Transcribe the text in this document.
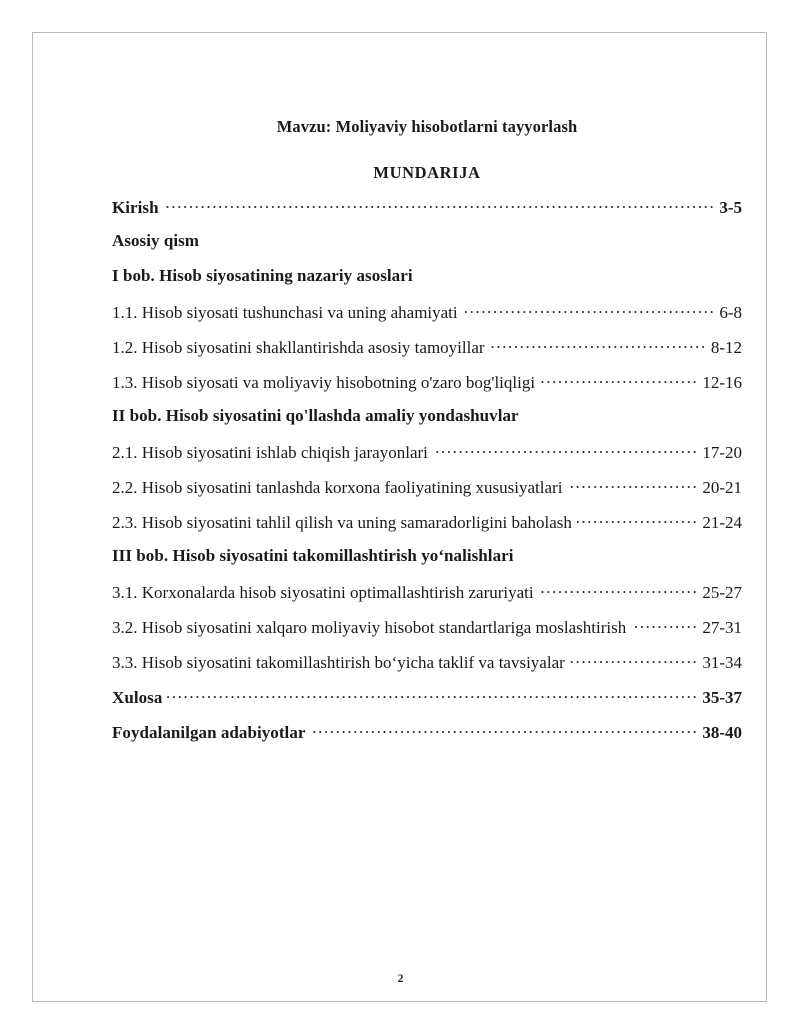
Mavzu: Moliyaviy hisobotlarni tayyorlash
MUNDARIJA
Kirish .....	3-5
Asosiy qism
I bob. Hisob siyosatining nazariy asoslari
1.1. Hisob siyosati tushunchasi va uning ahamiyati .....	6-8
1.2. Hisob siyosatini shakllantirishda asosiy tamoyillar .....	8-12
1.3. Hisob siyosati va moliyaviy hisobotning o'zaro bog'liqligi .....	12-16
II bob. Hisob siyosatini qo'llashda amaliy yondashuvlar
2.1. Hisob siyosatini ishlab chiqish jarayonlari .....	17-20
2.2. Hisob siyosatini tanlashda korxona faoliyatining xususiyatlari .....	20-21
2.3. Hisob siyosatini tahlil qilish va uning samaradorligini baholash .....	21-24
III bob. Hisob siyosatini takomillashtirish yo‘nalishlari
3.1. Korxonalarda hisob siyosatini optimallashtirish zaruriyati .....	25-27
3.2. Hisob siyosatini xalqaro moliyaviy hisobot standartlariga moslashtirish .....	27-31
3.3. Hisob siyosatini takomillashtirish bo‘yicha taklif va tavsiyalar .....	31-34
Xulosa .....	35-37
Foydalanilgan adabiyotlar .....	38-40
2
